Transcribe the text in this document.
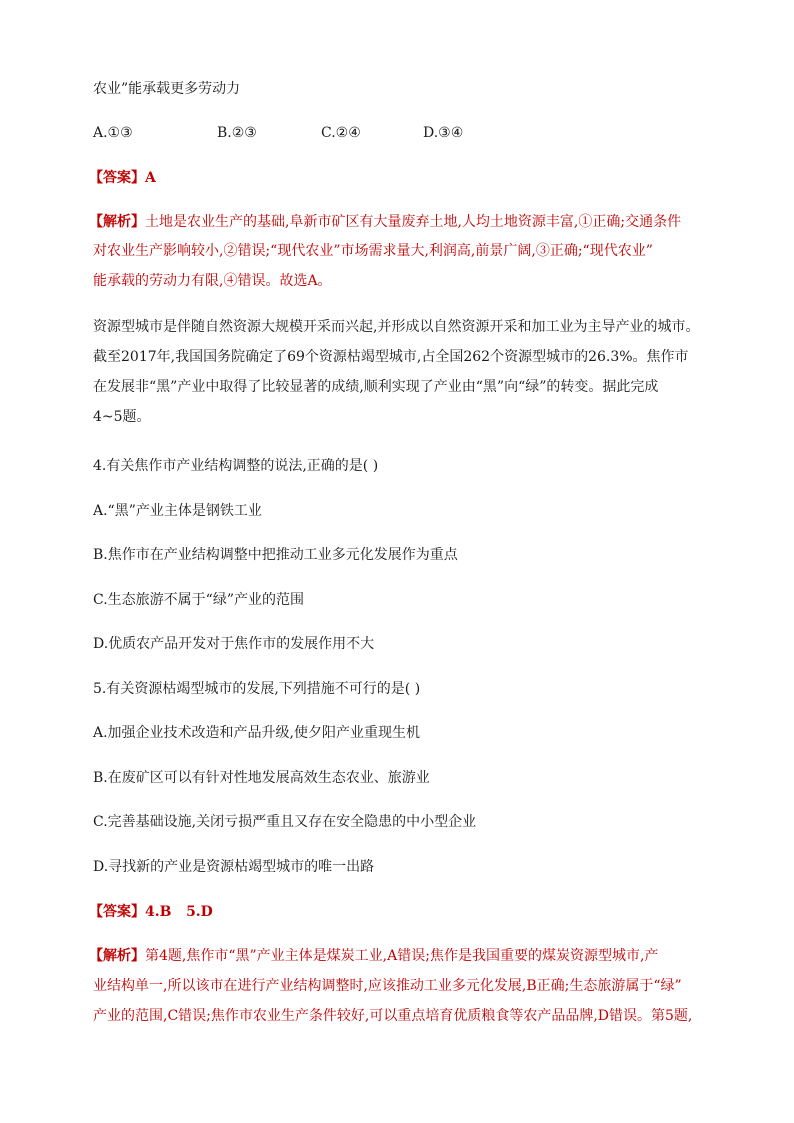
农业”能承载更多劳动力
A.①③	B.②③	C.②④	D.③④
【答案】A
【解析】土地是农业生产的基础,阜新市矿区有大量废弃土地,人均土地资源丰富,①正确;交通条件
对农业生产影响较小,②错误;“现代农业”市场需求量大,利润高,前景广阔,③正确;“现代农业”
能承载的劳动力有限,④错误。故选A。
资源型城市是伴随自然资源大规模开采而兴起,并形成以自然资源开采和加工业为主导产业的城市。
截至2017年,我国国务院确定了69个资源枯竭型城市,占全国262个资源型城市的26.3%。焦作市
在发展非“黑”产业中取得了比较显著的成绩,顺利实现了产业由“黑”向“绿”的转变。据此完成
4~5题。
4.有关焦作市产业结构调整的说法,正确的是( )
A.“黑”产业主体是钢铁工业
B.焦作市在产业结构调整中把推动工业多元化发展作为重点
C.生态旅游不属于“绿”产业的范围
D.优质农产品开发对于焦作市的发展作用不大
5.有关资源枯竭型城市的发展,下列措施不可行的是( )
A.加强企业技术改造和产品升级,使夕阳产业重现生机
B.在废矿区可以有针对性地发展高效生态农业、旅游业
C.完善基础设施,关闭亏损严重且又存在安全隐患的中小型企业
D.寻找新的产业是资源枯竭型城市的唯一出路
【答案】4.B   5.D
【解析】第4题,焦作市“黑”产业主体是煤炭工业,A错误;焦作是我国重要的煤炭资源型城市,产
业结构单一,所以该市在进行产业结构调整时,应该推动工业多元化发展,B正确;生态旅游属于“绿”
产业的范围,C错误;焦作市农业生产条件较好,可以重点培育优质粮食等农产品品牌,D错误。第5题,
